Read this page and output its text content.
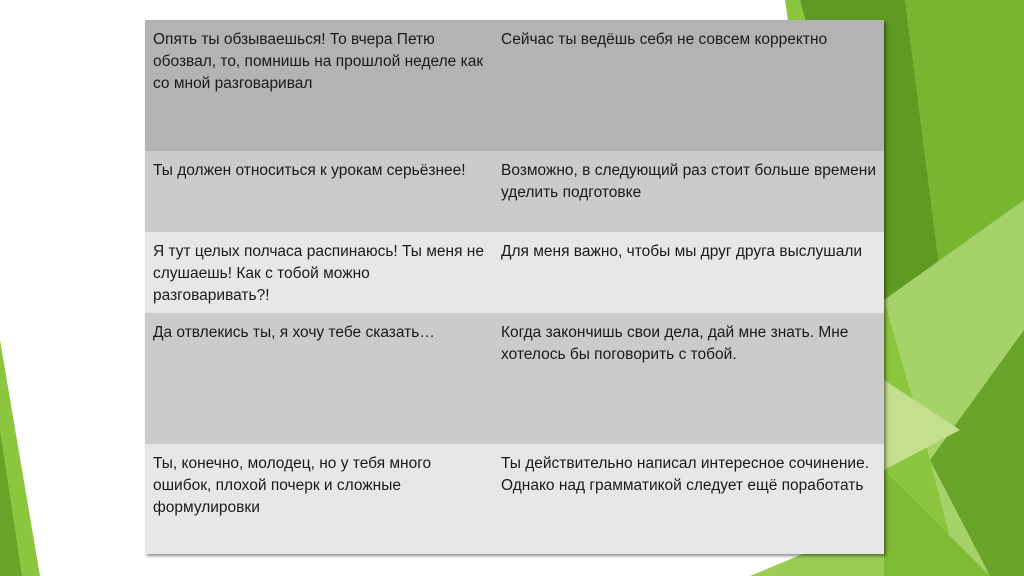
Опять ты обзываешься! То вчера Петю обозвал, то, помнишь на прошлой неделе как со мной разговаривал	Сейчас ты ведёшь себя не совсем корректно
Ты должен относиться к урокам серьёзнее!	Возможно, в следующий раз стоит больше времени уделить подготовке
Я тут целых полчаса распинаюсь! Ты меня не слушаешь! Как с тобой можно разговаривать?!	Для меня важно, чтобы мы друг друга выслушали
Да отвлекись ты, я хочу тебе сказать…	Когда закончишь свои дела, дай мне знать. Мне хотелось бы поговорить с тобой.
Ты, конечно, молодец, но у тебя много ошибок, плохой почерк и сложные формулировки	Ты действительно написал интересное сочинение. Однако над грамматикой следует ещё поработать
